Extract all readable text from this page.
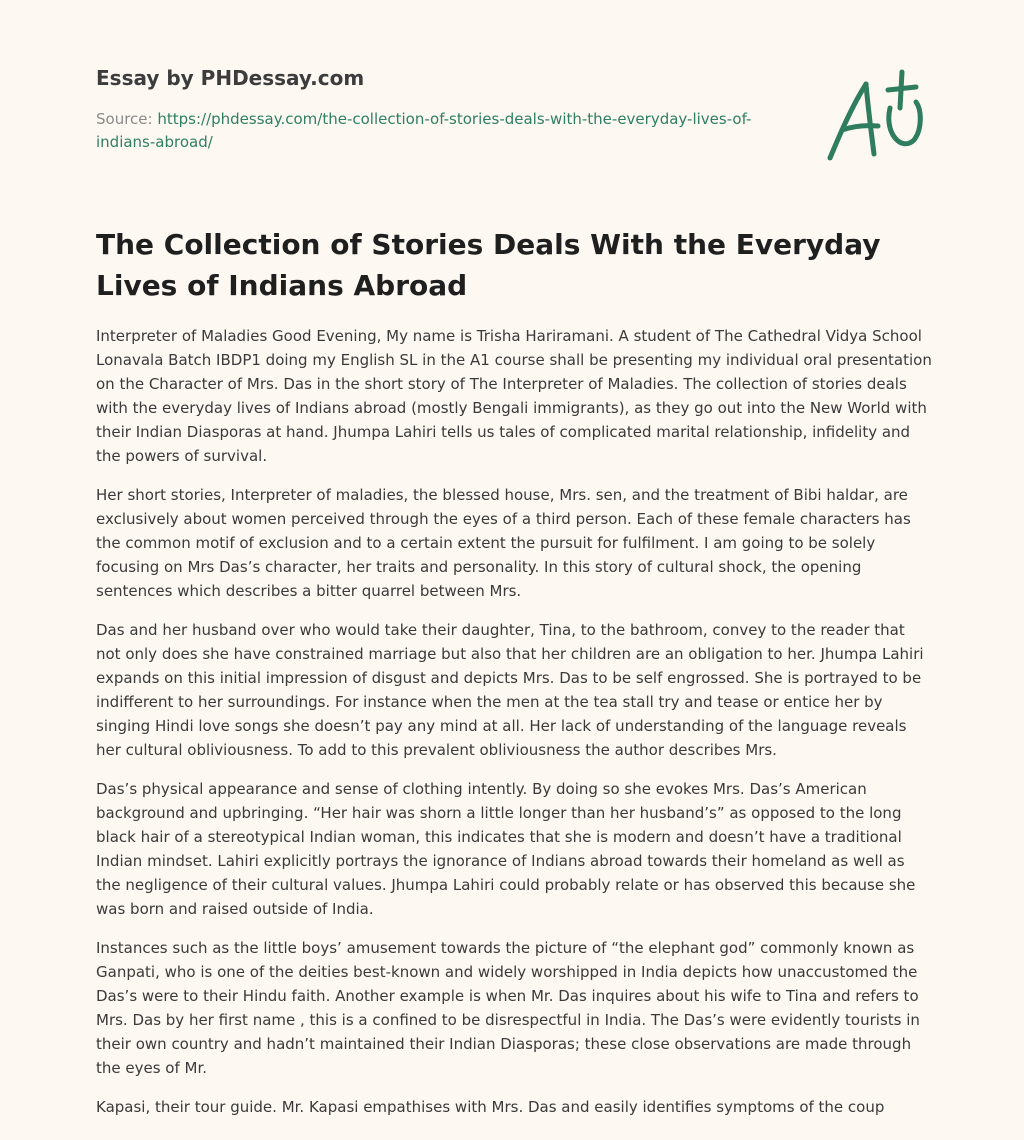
Essay by PHDessay.com
Source: https://phdessay.com/the-collection-of-stories-deals-with-the-everyday-lives-of-indians-abroad/
The Collection of Stories Deals With the Everyday Lives of Indians Abroad

Interpreter of Maladies Good Evening, My name is Trisha Hariramani. A student of The Cathedral Vidya School Lonavala Batch IBDP1 doing my English SL in the A1 course shall be presenting my individual oral presentation on the Character of Mrs. Das in the short story of The Interpreter of Maladies. The collection of stories deals with the everyday lives of Indians abroad (mostly Bengali immigrants), as they go out into the New World with their Indian Diasporas at hand. Jhumpa Lahiri tells us tales of complicated marital relationship, infidelity and the powers of survival.

Her short stories, Interpreter of maladies, the blessed house, Mrs. sen, and the treatment of Bibi haldar, are exclusively about women perceived through the eyes of a third person. Each of these female characters has the common motif of exclusion and to a certain extent the pursuit for fulfilment. I am going to be solely focusing on Mrs Das’s character, her traits and personality. In this story of cultural shock, the opening sentences which describes a bitter quarrel between Mrs.

Das and her husband over who would take their daughter, Tina, to the bathroom, convey to the reader that not only does she have constrained marriage but also that her children are an obligation to her. Jhumpa Lahiri expands on this initial impression of disgust and depicts Mrs. Das to be self engrossed. She is portrayed to be indifferent to her surroundings. For instance when the men at the tea stall try and tease or entice her by singing Hindi love songs she doesn’t pay any mind at all. Her lack of understanding of the language reveals her cultural obliviousness. To add to this prevalent obliviousness the author describes Mrs.

Das’s physical appearance and sense of clothing intently. By doing so she evokes Mrs. Das’s American background and upbringing. “Her hair was shorn a little longer than her husband’s” as opposed to the long black hair of a stereotypical Indian woman, this indicates that she is modern and doesn’t have a traditional Indian mindset. Lahiri explicitly portrays the ignorance of Indians abroad towards their homeland as well as the negligence of their cultural values. Jhumpa Lahiri could probably relate or has observed this because she was born and raised outside of India.

Instances such as the little boys’ amusement towards the picture of “the elephant god” commonly known as Ganpati, who is one of the deities best-known and widely worshipped in India depicts how unaccustomed the Das’s were to their Hindu faith. Another example is when Mr. Das inquires about his wife to Tina and refers to Mrs. Das by her first name , this is a confined to be disrespectful in India. The Das’s were evidently tourists in their own country and hadn’t maintained their Indian Diasporas; these close observations are made through the eyes of Mr.

Kapasi, their tour guide. Mr. Kapasi empathises with Mrs. Das and easily identifies symptoms of the coup
